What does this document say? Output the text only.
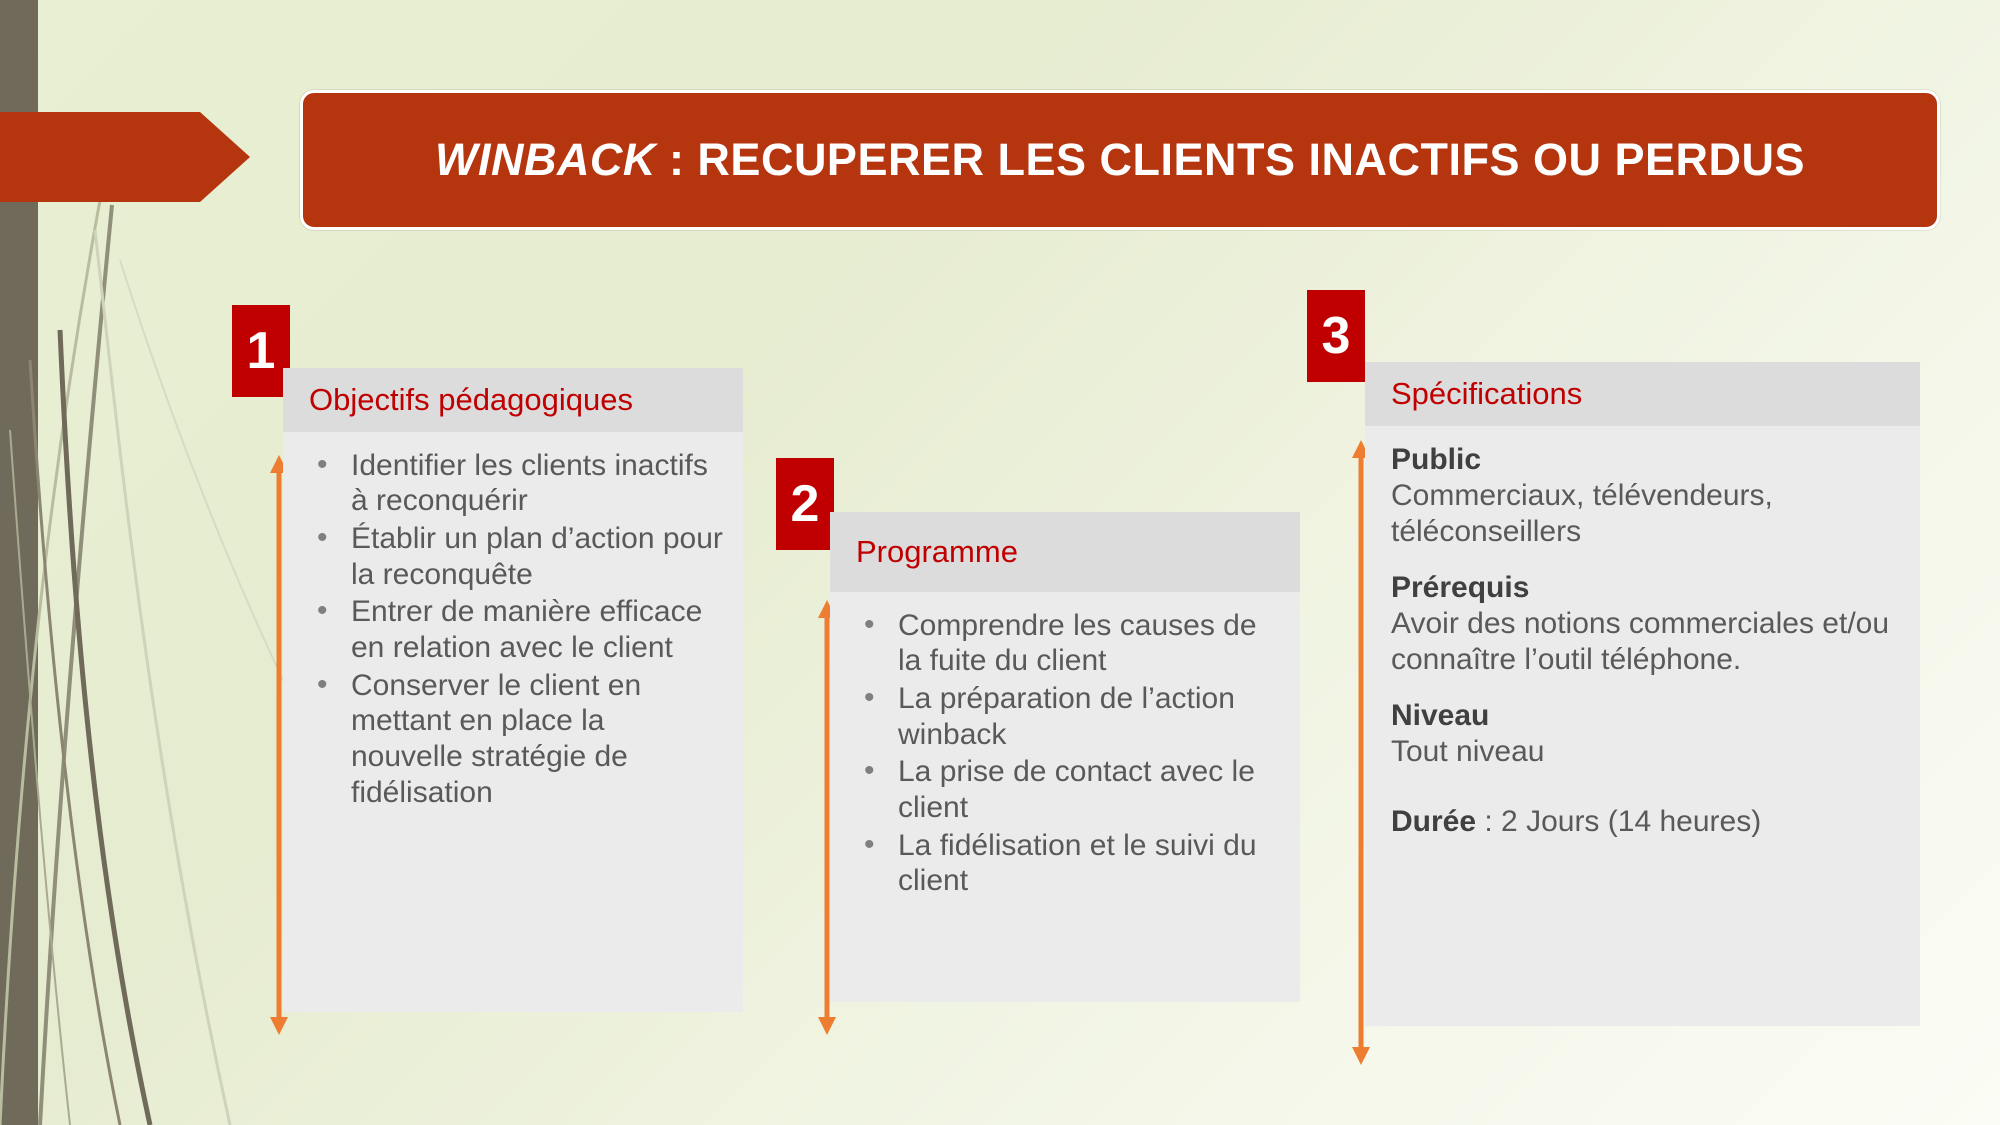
WINBACK : RECUPERER LES CLIENTS INACTIFS OU PERDUS
1
Objectifs pédagogiques
• Identifier les clients inactifs à reconquérir
• Établir un plan d’action pour la reconquête
• Entrer de manière efficace en relation avec le client
• Conserver le client en mettant en place la nouvelle stratégie de fidélisation
2
Programme
• Comprendre les causes de la fuite du client
• La préparation de l’action winback
• La prise de contact avec le client
• La fidélisation et le suivi du client
3
Spécifications
Public
Commerciaux, télévendeurs, téléconseillers
Prérequis
Avoir des notions commerciales et/ou connaître l’outil téléphone.
Niveau
Tout niveau
Durée : 2 Jours (14 heures)
